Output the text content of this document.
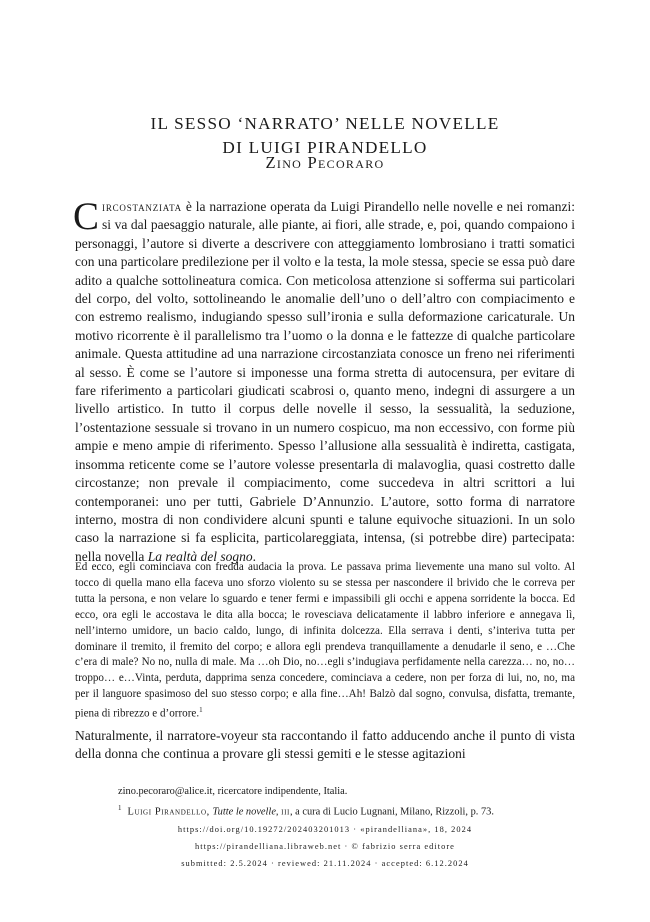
IL SESSO ‘NARRATO’ NELLE NOVELLE
DI LUIGI PIRANDELLO
Zino Pecoraro

Circostanziata è la narrazione operata da Luigi Pirandello nelle novelle e nei romanzi: si va dal paesaggio naturale, alle piante, ai fiori, alle strade, e, poi, quando compaiono i personaggi, l’autore si diverte a descrivere con atteggiamento lombrosiano i tratti somatici con una particolare predilezione per il volto e la testa, la mole stessa, specie se essa può dare adito a qualche sottolineatura comica. Con meticolosa attenzione si sofferma sui particolari del corpo, del volto, sottolineando le anomalie dell’uno o dell’altro con compiacimento e con estremo realismo, indugiando spesso sull’ironia e sulla deformazione caricaturale. Un motivo ricorrente è il parallelismo tra l’uomo o la donna e le fattezze di qualche particolare animale. Questa attitudine ad una narrazione circostanziata conosce un freno nei riferimenti al sesso. È come se l’autore si imponesse una forma stretta di autocensura, per evitare di fare riferimento a particolari giudicati scabrosi o, quanto meno, indegni di assurgere a un livello artistico. In tutto il corpus delle novelle il sesso, la sessualità, la seduzione, l’ostentazione sessuale si trovano in un numero cospicuo, ma non eccessivo, con forme più ampie e meno ampie di riferimento. Spesso l’allusione alla sessualità è indiretta, castigata, insomma reticente come se l’autore volesse presentarla di malavoglia, quasi costretto dalle circostanze; non prevale il compiacimento, come succedeva in altri scrittori a lui contemporanei: uno per tutti, Gabriele D’Annunzio. L’autore, sotto forma di narratore interno, mostra di non condividere alcuni spunti e talune equivoche situazioni. In un solo caso la narrazione si fa esplicita, particolareggiata, intensa, (si potrebbe dire) partecipata: nella novella La realtà del sogno.

Ed ecco, egli cominciava con fredda audacia la prova. Le passava prima lievemente una mano sul volto. Al tocco di quella mano ella faceva uno sforzo violento su se stessa per nascondere il brivido che le correva per tutta la persona, e non velare lo sguardo e tener fermi e impassibili gli occhi e appena sorridente la bocca. Ed ecco, ora egli le accostava le dita alla bocca; le rovesciava delicatamente il labbro inferiore e annegava lì, nell’interno umidore, un bacio caldo, lungo, di infinita dolcezza. Ella serrava i denti, s’interiva tutta per dominare il tremito, il fremito del corpo; e allora egli prendeva tranquillamente a denudarle il seno, e …Che c’era di male? No no, nulla di male. Ma …oh Dio, no…egli s’indugiava perfidamente nella carezza… no, no…troppo… e…Vinta, perduta, dapprima senza concedere, cominciava a cedere, non per forza di lui, no, no, ma per il languore spasimoso del suo stesso corpo; e alla fine…Ah! Balzò dal sogno, convulsa, disfatta, tremante, piena di ribrezzo e d’orrore.$^1$

Naturalmente, il narratore-voyeur sta raccontando il fatto adducendo anche il punto di vista della donna che continua a provare gli stessi gemiti e le stesse agitazioni

zino.pecoraro@alice.it, ricercatore indipendente, Italia.
$^1$ Luigi Pirandello, Tutte le novelle, iii, a cura di Lucio Lugnani, Milano, Rizzoli, p. 73.
https://doi.org/10.19272/202403201013 · «pirandelliana», 18, 2024
https://pirandelliana.libraweb.net · © fabrizio serra editore
submitted: 2.5.2024 · reviewed: 21.11.2024 · accepted: 6.12.2024
